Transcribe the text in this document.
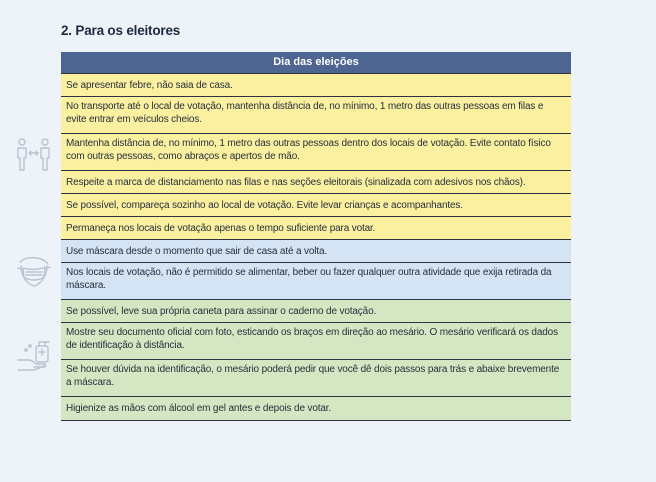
2. Para os eleitores
Dia das eleições
Se apresentar febre, não saia de casa.
No transporte até o local de votação, mantenha distância de, no mínimo, 1 metro das outras pessoas em filas e evite entrar em veículos cheios.
Mantenha distância de, no mínimo, 1 metro das outras pessoas dentro dos locais de votação. Evite contato físico com outras pessoas, como abraços e apertos de mão.
Respeite a marca de distanciamento nas filas e nas seções eleitorais (sinalizada com adesivos nos chãos).
Se possível, compareça sozinho ao local de votação. Evite levar crianças e acompanhantes.
Permaneça nos locais de votação apenas o tempo suficiente para votar.
Use máscara desde o momento que sair de casa até a volta.
Nos locais de votação, não é permitido se alimentar, beber ou fazer qualquer outra atividade que exija retirada da máscara.
Se possível, leve sua própria caneta para assinar o caderno de votação.
Mostre seu documento oficial com foto, esticando os braços em direção ao mesário. O mesário verificará os dados de identificação à distância.
Se houver dúvida na identificação, o mesário poderá pedir que você dê dois passos para trás e abaixe brevemente a máscara.
Higienize as mãos com álcool em gel antes e depois de votar.
